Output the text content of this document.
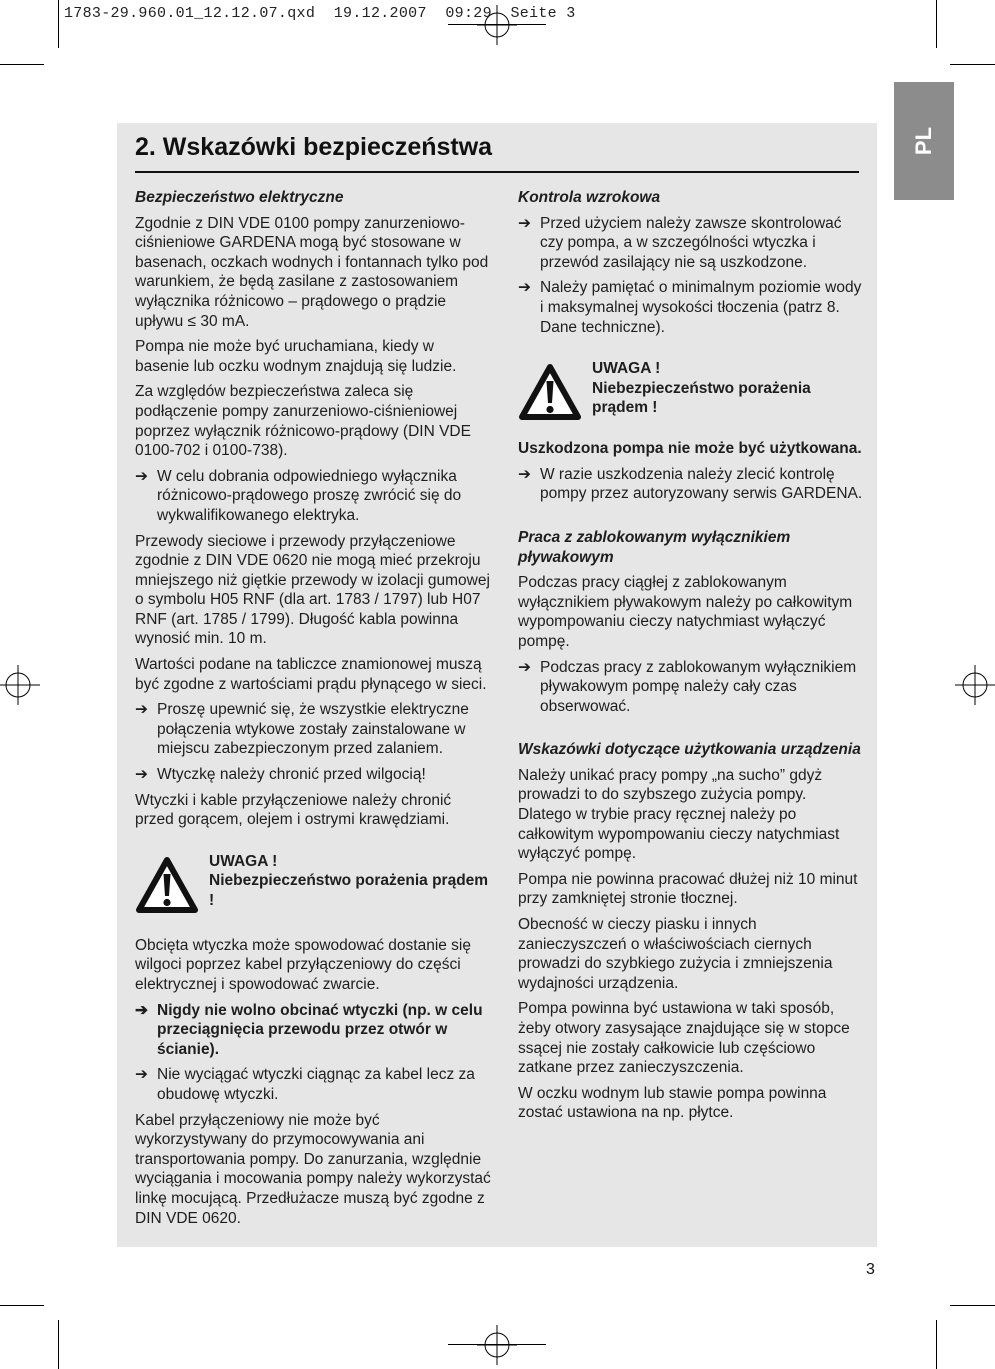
1783-29.960.01_12.12.07.qxd  19.12.2007  09:29  Seite 3
PL
2. Wskazówki bezpieczeństwa
Bezpieczeństwo elektryczne

Zgodnie z DIN VDE 0100 pompy zanurzeniowo-ciśnieniowe GARDENA mogą być stosowane w basenach, oczkach wodnych i fontannach tylko pod warunkiem, że będą zasilane z zastosowaniem wyłącznika różnicowo – prądowego o prądzie upływu ≤ 30 mA.

Pompa nie może być uruchamiana, kiedy w basenie lub oczku wodnym znajdują się ludzie.

Za względów bezpieczeństwa zaleca się podłączenie pompy zanurzeniowo-ciśnieniowej poprzez wyłącznik różnicowo-prądowy (DIN VDE 0100-702 i 0100-738).

➔ W celu dobrania odpowiedniego wyłącznika różnicowo-prądowego proszę zwrócić się do wykwalifikowanego elektryka.

Przewody sieciowe i przewody przyłączeniowe zgodnie z DIN VDE 0620 nie mogą mieć przekroju mniejszego niż giętkie przewody w izolacji gumowej o symbolu H05 RNF (dla art. 1783 / 1797) lub H07 RNF (art. 1785 / 1799). Długość kabla powinna wynosić min. 10 m.

Wartości podane na tabliczce znamionowej muszą być zgodne z wartościami prądu płynącego w sieci.

➔ Proszę upewnić się, że wszystkie elektryczne połączenia wtykowe zostały zainstalowane w miejscu zabezpieczonym przed zalaniem.
➔ Wtyczkę należy chronić przed wilgocią!

Wtyczki i kable przyłączeniowe należy chronić przed gorącem, olejem i ostrymi krawędziami.

UWAGA !
Niebezpieczeństwo porażenia prądem !

Obcięta wtyczka może spowodować dostanie się wilgoci poprzez kabel przyłączeniowy do części elektrycznej i spowodować zwarcie.

➔ Nigdy nie wolno obcinać wtyczki (np. w celu przeciągnięcia przewodu przez otwór w ścianie).
➔ Nie wyciągać wtyczki ciągnąc za kabel lecz za obudowę wtyczki.

Kabel przyłączeniowy nie może być wykorzystywany do przymocowywania ani transportowania pompy. Do zanurzania, względnie wyciągania i mocowania pompy należy wykorzystać linkę mocującą. Przedłużacze muszą być zgodne z DIN VDE 0620.

Kontrola wzrokowa
➔ Przed użyciem należy zawsze skontrolować czy pompa, a w szczególności wtyczka i przewód zasilający nie są uszkodzone.
➔ Należy pamiętać o minimalnym poziomie wody i maksymalnej wysokości tłoczenia (patrz 8. Dane techniczne).
UWAGA !
Niebezpieczeństwo porażenia prądem !
Uszkodzona pompa nie może być użytkowana.
➔ W razie uszkodzenia należy zlecić kontrolę pompy przez autoryzowany serwis GARDENA.
Praca z zablokowanym wyłącznikiem pływakowym

Podczas pracy ciągłej z zablokowanym wyłącznikiem pływakowym należy po całkowitym wypompowaniu cieczy natychmiast wyłączyć pompę.

➔ Podczas pracy z zablokowanym wyłącznikiem pływakowym pompę należy cały czas obserwować.
Wskazówki dotyczące użytkowania urządzenia

Należy unikać pracy pompy „na sucho” gdyż prowadzi to do szybszego zużycia pompy. Dlatego w trybie pracy ręcznej należy po całkowitym wypompowaniu cieczy natychmiast wyłączyć pompę.

Pompa nie powinna pracować dłużej niż 10 minut przy zamkniętej stronie tłocznej.

Obecność w cieczy piasku i innych zanieczyszczeń o właściwościach ciernych prowadzi do szybkiego zużycia i zmniejszenia wydajności urządzenia.

Pompa powinna być ustawiona w taki sposób, żeby otwory zasysające znajdujące się w stopce ssącej nie zostały całkowicie lub częściowo zatkane przez zanieczyszczenia.

W oczku wodnym lub stawie pompa powinna zostać ustawiona na np. płytce.

3
